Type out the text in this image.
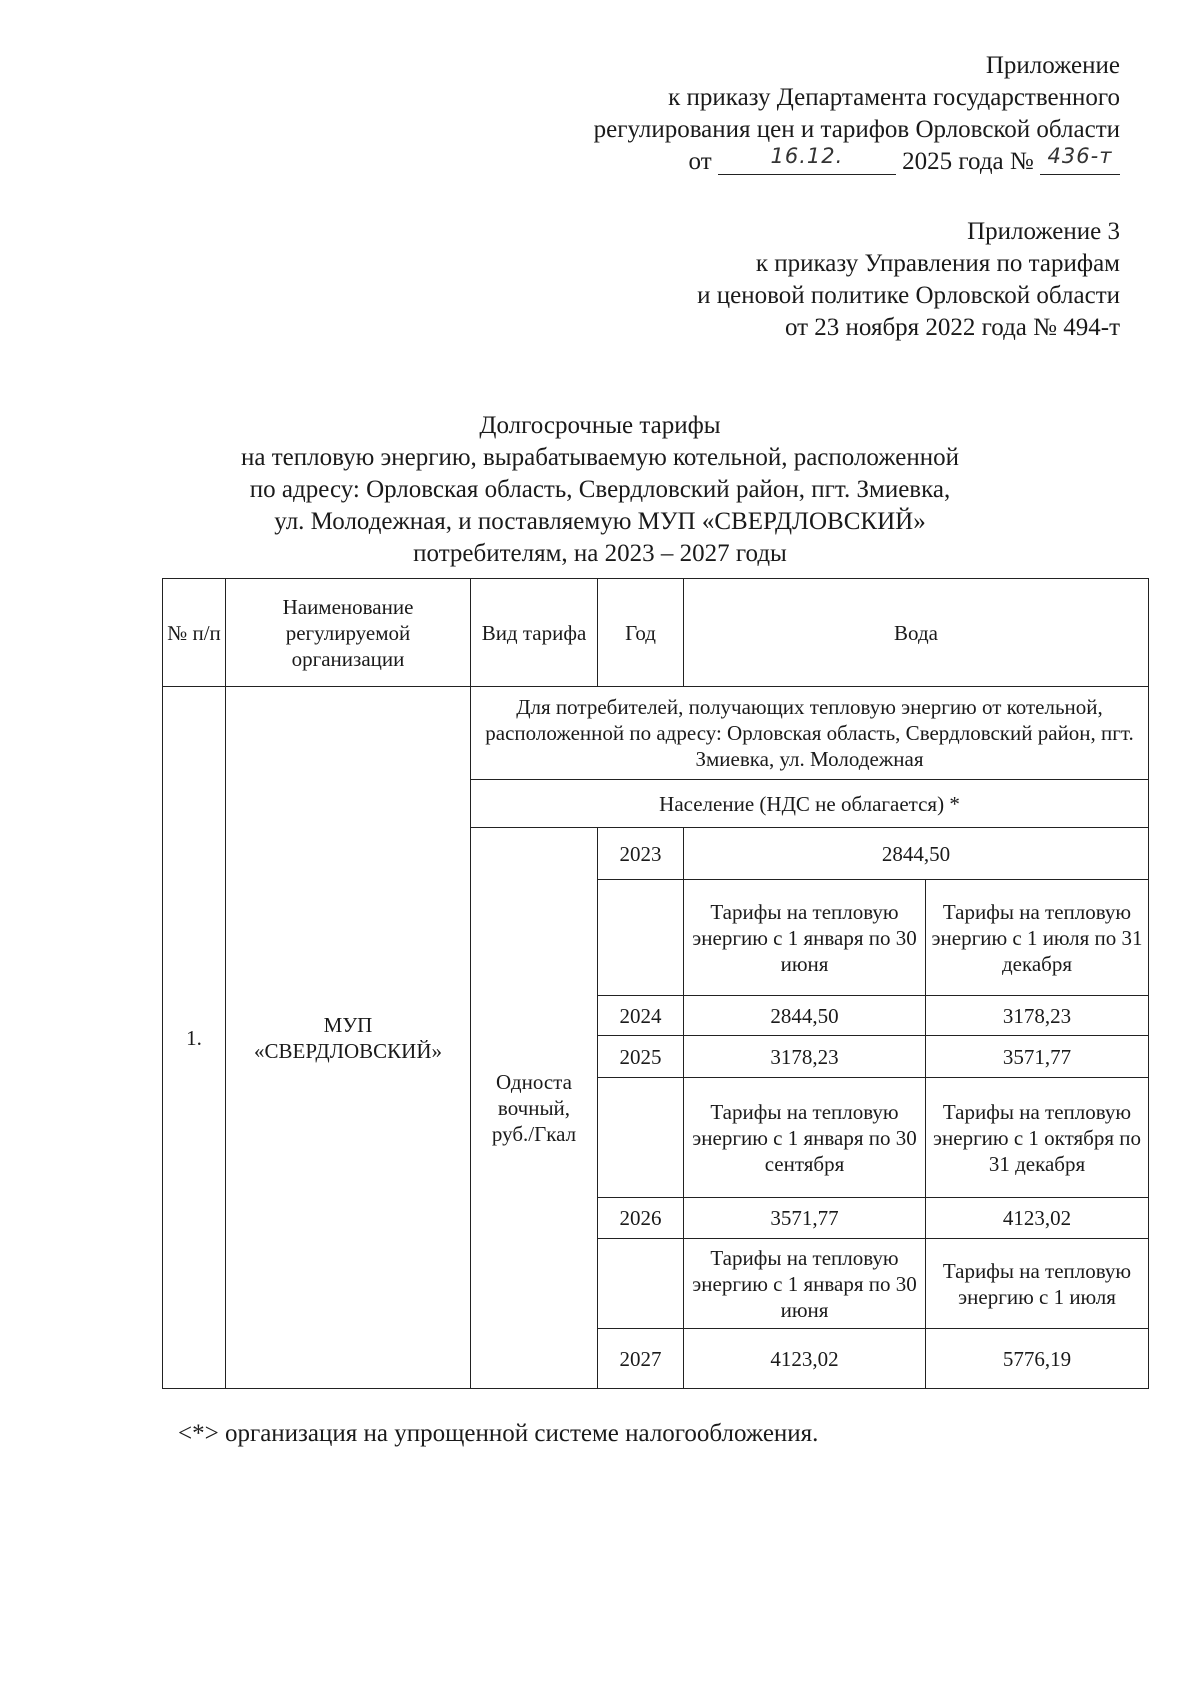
Приложение
к приказу Департамента государственного
регулирования цен и тарифов Орловской области
от	$^{16.12.}$ 2025 года № $^{436-т}$
Приложение 3
к приказу Управления по тарифам
и ценовой политике Орловской области
от 23 ноября 2022 года № 494-т
Долгосрочные тарифы
на тепловую энергию, вырабатываемую котельной, расположенной
по адресу: Орловская область, Свердловский район, пгт. Змиевка,
ул. Молодежная, и поставляемую МУП «СВЕРДЛОВСКИЙ»
потребителям, на 2023 – 2027 годы
№ п/п	Наименование регулируемой организации	Вид тарифа	Год	Вода	
1.	МУП «СВЕРДЛОВСКИЙ»	Для потребителей, получающих тепловую энергию от котельной, расположенной по адресу: Орловская область, Свердловский район, пгт. Змиевка, ул. Молодежная			
		Население (НДС не облагается) *			
		Односта вочный, руб./Гкал	2023	2844,50	
				Тарифы на тепловую энергию с 1 января по 30 июня	Тарифы на тепловую энергию с 1 июля по 31 декабря
			2024	2844,50	3178,23
			2025	3178,23	3571,77
				Тарифы на тепловую энергию с 1 января по 30 сентября	Тарифы на тепловую энергию с 1 октября по 31 декабря
			2026	3571,77	4123,02
				Тарифы на тепловую энергию с 1 января по 30 июня	Тарифы на тепловую энергию с 1 июля
			2027	4123,02	5776,19
<*> организация на упрощенной системе налогообложения.
